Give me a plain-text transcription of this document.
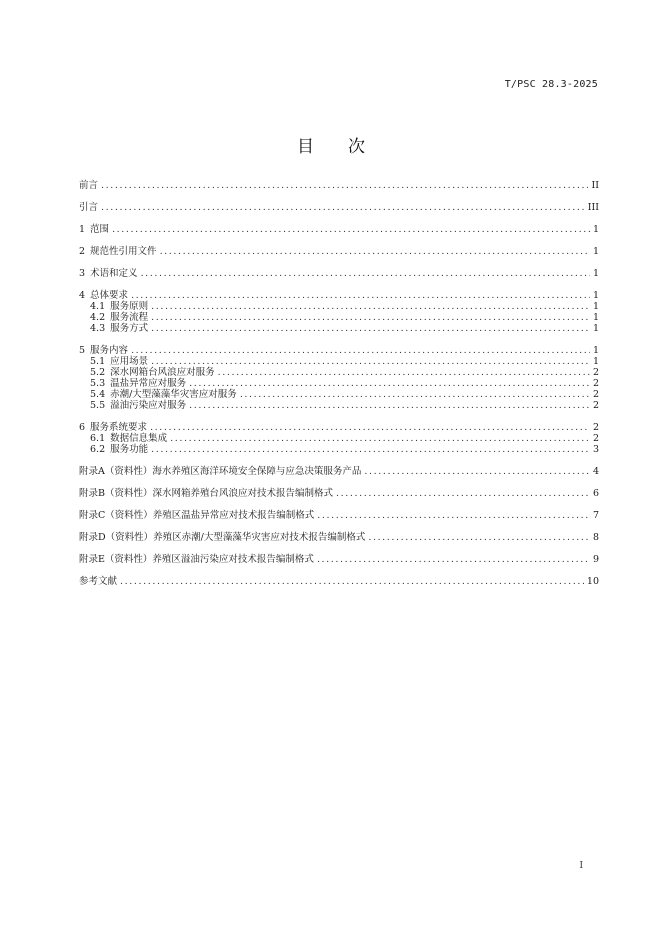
T/PSC 28.3-2025
目次
前言 .....	II
引言 .....	III
1 范围 .....	1
2 规范性引用文件 .....	1
3 术语和定义 .....	1
4 总体要求 .....	1
4.1 服务原则 .....	1
4.2 服务流程 .....	1
4.3 服务方式 .....	1
5 服务内容 .....	1
5.1 应用场景 .....	1
5.2 深水网箱台风浪应对服务 .....	2
5.3 温盐异常应对服务 .....	2
5.4 赤潮/大型藻藻华灾害应对服务 .....	2
5.5 溢油污染应对服务 .....	2
6 服务系统要求 .....	2
6.1 数据信息集成 .....	2
6.2 服务功能 .....	3
附录A（资料性）海水养殖区海洋环境安全保障与应急决策服务产品 .....	4
附录B（资料性）深水网箱养殖台风浪应对技术报告编制格式 .....	6
附录C（资料性）养殖区温盐异常应对技术报告编制格式 .....	7
附录D（资料性）养殖区赤潮/大型藻藻华灾害应对技术报告编制格式 .....	8
附录E（资料性）养殖区溢油污染应对技术报告编制格式 .....	9
参考文献 .....	10
I
